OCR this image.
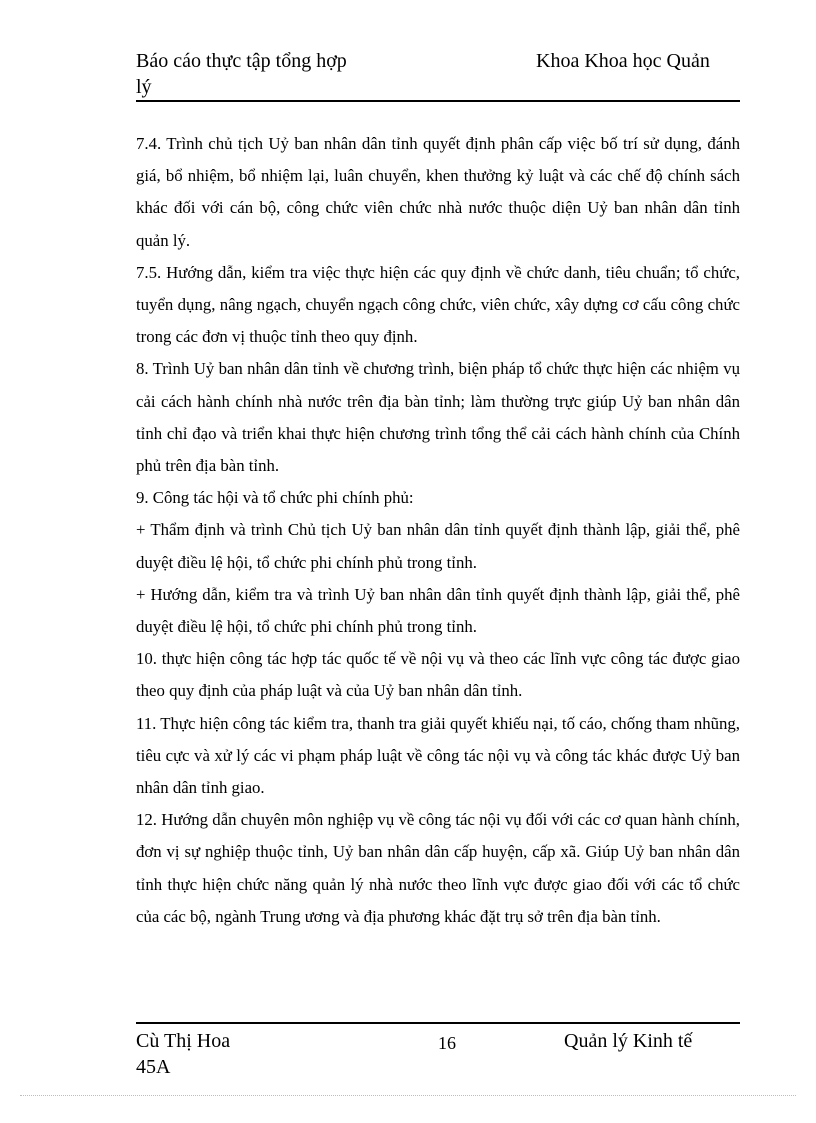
Báo cáo thực tập tổng hợp
lý
Khoa Khoa học Quản

7.4. Trình chủ tịch Uỷ ban nhân dân tỉnh quyết định phân cấp việc bố trí sử dụng, đánh giá, bổ nhiệm, bổ nhiệm lại, luân chuyển, khen thưởng kỷ luật và các chế độ chính sách khác đối với cán bộ, công chức viên chức nhà nước thuộc diện Uỷ ban nhân dân tỉnh quản lý.

7.5. Hướng dẫn, kiểm tra việc thực hiện các quy định về chức danh, tiêu chuẩn; tổ chức, tuyển dụng, nâng ngạch, chuyển ngạch công chức, viên chức, xây dựng cơ cấu công chức trong các đơn vị thuộc tỉnh theo quy định.

8. Trình Uỷ ban nhân dân tỉnh về chương trình, biện pháp tổ chức thực hiện các nhiệm vụ cải cách hành chính nhà nước trên địa bàn tỉnh; làm thường trực giúp Uỷ ban nhân dân tỉnh chỉ đạo và triển khai thực hiện chương trình tổng thể cải cách hành chính của Chính phủ trên địa bàn tỉnh.

9. Công tác hội và tổ chức phi chính phủ:

+ Thẩm định và trình Chủ tịch Uỷ ban nhân dân tỉnh quyết định thành lập, giải thể, phê duyệt điều lệ hội, tổ chức phi chính phủ trong tỉnh.

+ Hướng dẫn, kiểm tra và trình Uỷ ban nhân dân tỉnh quyết định thành lập, giải thể, phê duyệt điều lệ hội, tổ chức phi chính phủ trong tỉnh.

10. thực hiện công tác hợp tác quốc tế về nội vụ và theo các lĩnh vực công tác được giao theo quy định của pháp luật và của Uỷ ban nhân dân tỉnh.

11. Thực hiện công tác kiểm tra, thanh tra giải quyết khiếu nại, tố cáo, chống tham nhũng, tiêu cực và xử lý các vi phạm pháp luật về công tác nội vụ và công tác khác được Uỷ ban nhân dân tỉnh giao.

12. Hướng dẫn chuyên môn nghiệp vụ về công tác nội vụ đối với các cơ quan hành chính, đơn vị sự nghiệp thuộc tỉnh, Uỷ ban nhân dân cấp huyện, cấp xã. Giúp Uỷ ban nhân dân tỉnh thực hiện chức năng quản lý nhà nước theo lĩnh vực được giao đối với các tổ chức của các bộ, ngành Trung ương và địa phương khác đặt trụ sở trên địa bàn tỉnh.

Cù Thị Hoa 45A
16	Quản lý Kinh tế
